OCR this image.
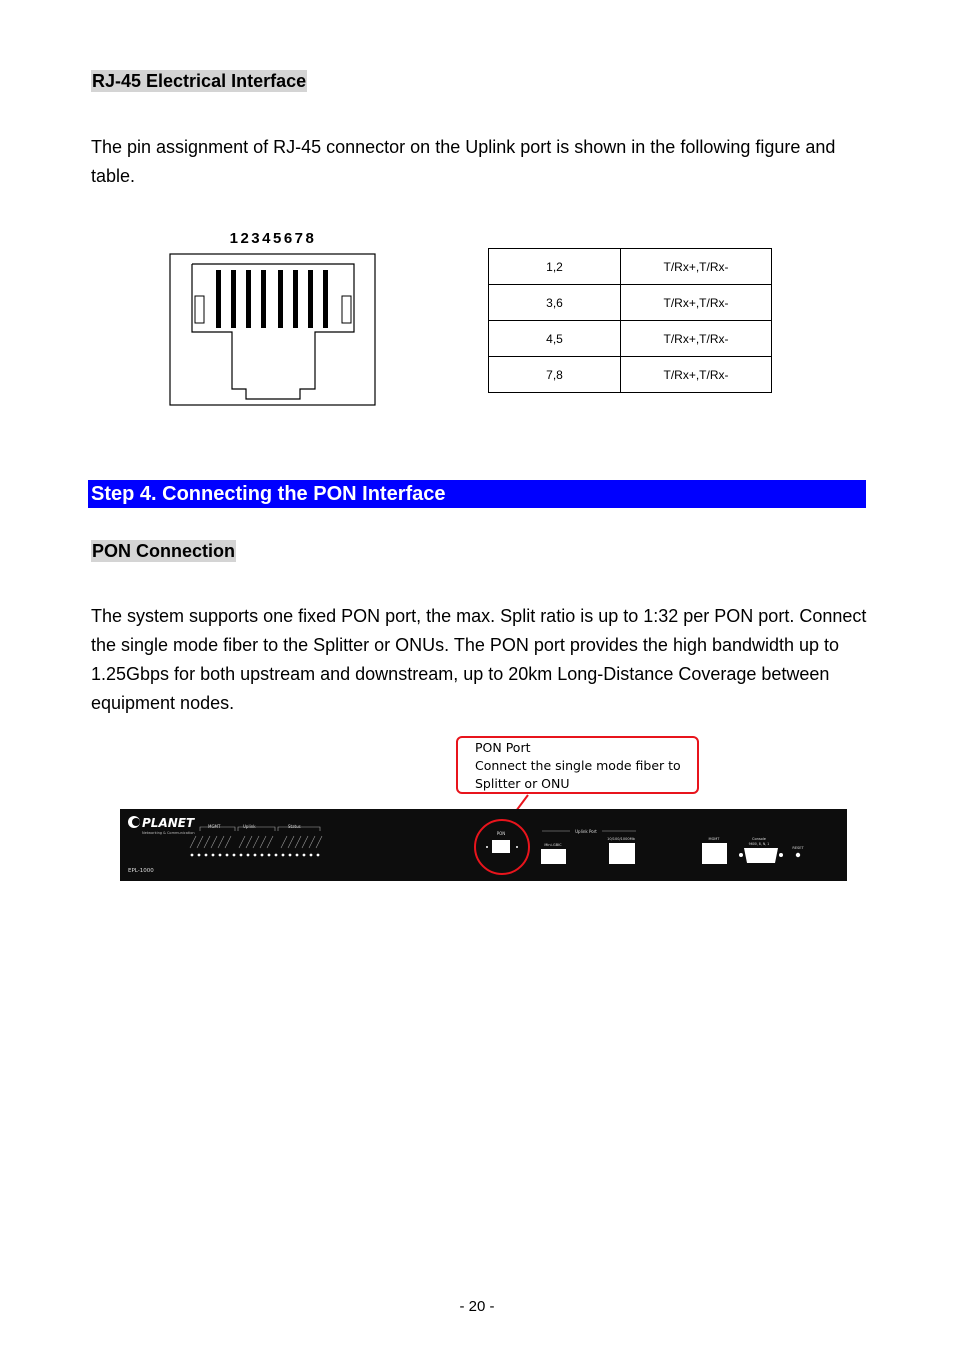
RJ-45 Electrical Interface
The pin assignment of RJ-45 connector on the Uplink port is shown in the following figure and table.
12345678
1,2	T/Rx+,T/Rx-
3,6	T/Rx+,T/Rx-
4,5	T/Rx+,T/Rx-
7,8	T/Rx+,T/Rx-
Step 4. Connecting the PON Interface
PON Connection
The system supports one fixed PON port, the max. Split ratio is up to 1:32 per PON port. Connect the single mode fiber to the Splitter or ONUs. The PON port provides the high bandwidth up to 1.25Gbps for both upstream and downstream, up to 20km Long-Distance Coverage between equipment nodes.
PON Port
Connect the single mode fiber to
Splitter or ONU
PLANET
Networking & Communication
EPL-1000
MGMT	Uplink	Status
PON	Uplink Port
Mini-GBIC
10/100/1000Mb	MGMT	Console
9600, 8, N, 1
RESET
- 20 -
